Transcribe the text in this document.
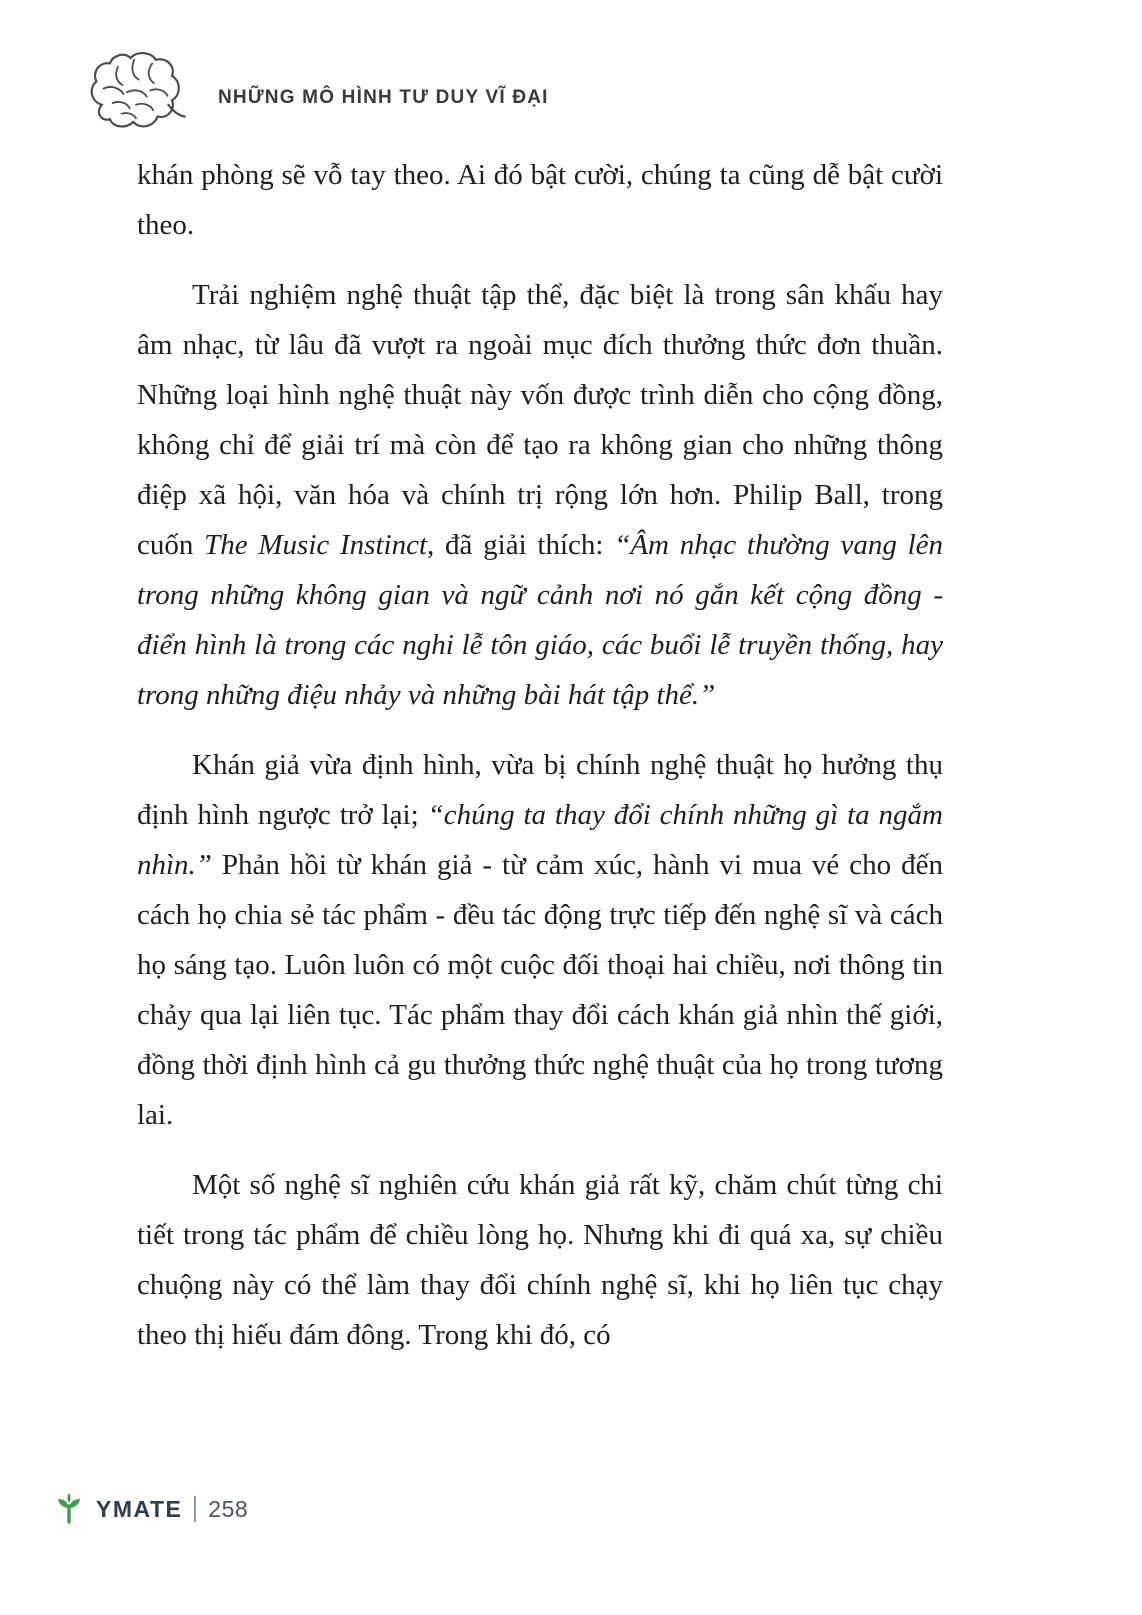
NHỮNG MÔ HÌNH TƯ DUY VĨ ĐẠI

khán phòng sẽ vỗ tay theo. Ai đó bật cười, chúng ta cũng dễ bật cười theo.

Trải nghiệm nghệ thuật tập thể, đặc biệt là trong sân khấu hay âm nhạc, từ lâu đã vượt ra ngoài mục đích thưởng thức đơn thuần. Những loại hình nghệ thuật này vốn được trình diễn cho cộng đồng, không chỉ để giải trí mà còn để tạo ra không gian cho những thông điệp xã hội, văn hóa và chính trị rộng lớn hơn. Philip Ball, trong cuốn The Music Instinct, đã giải thích: “Âm nhạc thường vang lên trong những không gian và ngữ cảnh nơi nó gắn kết cộng đồng - điển hình là trong các nghi lễ tôn giáo, các buổi lễ truyền thống, hay trong những điệu nhảy và những bài hát tập thể.”

Khán giả vừa định hình, vừa bị chính nghệ thuật họ hưởng thụ định hình ngược trở lại; “chúng ta thay đổi chính những gì ta ngắm nhìn.” Phản hồi từ khán giả - từ cảm xúc, hành vi mua vé cho đến cách họ chia sẻ tác phẩm - đều tác động trực tiếp đến nghệ sĩ và cách họ sáng tạo. Luôn luôn có một cuộc đối thoại hai chiều, nơi thông tin chảy qua lại liên tục. Tác phẩm thay đổi cách khán giả nhìn thế giới, đồng thời định hình cả gu thưởng thức nghệ thuật của họ trong tương lai.

Một số nghệ sĩ nghiên cứu khán giả rất kỹ, chăm chút từng chi tiết trong tác phẩm để chiều lòng họ. Nhưng khi đi quá xa, sự chiều chuộng này có thể làm thay đổi chính nghệ sĩ, khi họ liên tục chạy theo thị hiếu đám đông. Trong khi đó, có

YMATE 258
